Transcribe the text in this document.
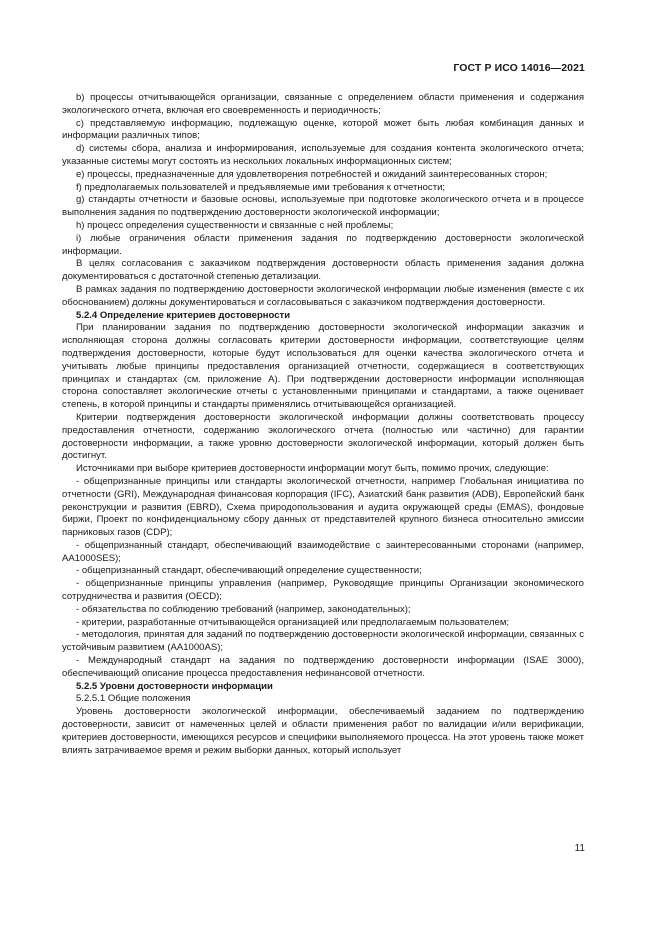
ГОСТ Р ИСО 14016—2021

b) процессы отчитывающейся организации, связанные с определением области применения и содержания экологического отчета, включая его своевременность и периодичность;

c) представляемую информацию, подлежащую оценке, которой может быть любая комбинация данных и информации различных типов;

d) системы сбора, анализа и информирования, используемые для создания контента экологического отчета; указанные системы могут состоять из нескольких локальных информационных систем;

e) процессы, предназначенные для удовлетворения потребностей и ожиданий заинтересованных сторон;

f) предполагаемых пользователей и предъявляемые ими требования к отчетности;

g) стандарты отчетности и базовые основы, используемые при подготовке экологического отчета и в процессе выполнения задания по подтверждению достоверности экологической информации;

h) процесс определения существенности и связанные с ней проблемы;

i) любые ограничения области применения задания по подтверждению достоверности экологической информации.

В целях согласования с заказчиком подтверждения достоверности область применения задания должна документироваться с достаточной степенью детализации.

В рамках задания по подтверждению достоверности экологической информации любые изменения (вместе с их обоснованием) должны документироваться и согласовываться с заказчиком подтверждения достоверности.

5.2.4 Определение критериев достоверности

При планировании задания по подтверждению достоверности экологической информации заказчик и исполняющая сторона должны согласовать критерии достоверности информации, соответствующие целям подтверждения достоверности, которые будут использоваться для оценки качества экологического отчета и учитывать любые принципы предоставления организацией отчетности, содержащиеся в соответствующих принципах и стандартах (см. приложение А). При подтверждении достоверности информации исполняющая сторона сопоставляет экологические отчеты с установленными принципами и стандартами, а также оценивает степень, в которой принципы и стандарты применялись отчитывающейся организацией.

Критерии подтверждения достоверности экологической информации должны соответствовать процессу предоставления отчетности, содержанию экологического отчета (полностью или частично) для гарантии достоверности информации, а также уровню достоверности экологической информации, который должен быть достигнут.

Источниками при выборе критериев достоверности информации могут быть, помимо прочих, следующие:

- общепризнанные принципы или стандарты экологической отчетности, например Глобальная инициатива по отчетности (GRI), Международная финансовая корпорация (IFC), Азиатский банк развития (ADB), Европейский банк реконструкции и развития (EBRD), Схема природопользования и аудита окружающей среды (EMAS), фондовые биржи, Проект по конфиденциальному сбору данных от представителей крупного бизнеса относительно эмиссии парниковых газов (CDP);

- общепризнанный стандарт, обеспечивающий взаимодействие с заинтересованными сторонами (например, АА1000SES);

- общепризнанный стандарт, обеспечивающий определение существенности;

- общепризнанные принципы управления (например, Руководящие принципы Организации экономического сотрудничества и развития (OECD);

- обязательства по соблюдению требований (например, законодательных);

- критерии, разработанные отчитывающейся организацией или предполагаемым пользователем;

- методология, принятая для заданий по подтверждению достоверности экологической информации, связанных с устойчивым развитием (АА1000AS);

- Международный стандарт на задания по подтверждению достоверности информации (ISAE 3000), обеспечивающий описание процесса предоставления нефинансовой отчетности.

5.2.5 Уровни достоверности информации

5.2.5.1 Общие положения

Уровень достоверности экологической информации, обеспечиваемый заданием по подтверждению достоверности, зависит от намеченных целей и области применения работ по валидации и/или верификации, критериев достоверности, имеющихся ресурсов и специфики выполняемого процесса. На этот уровень также может влиять затрачиваемое время и режим выборки данных, который использует

11
